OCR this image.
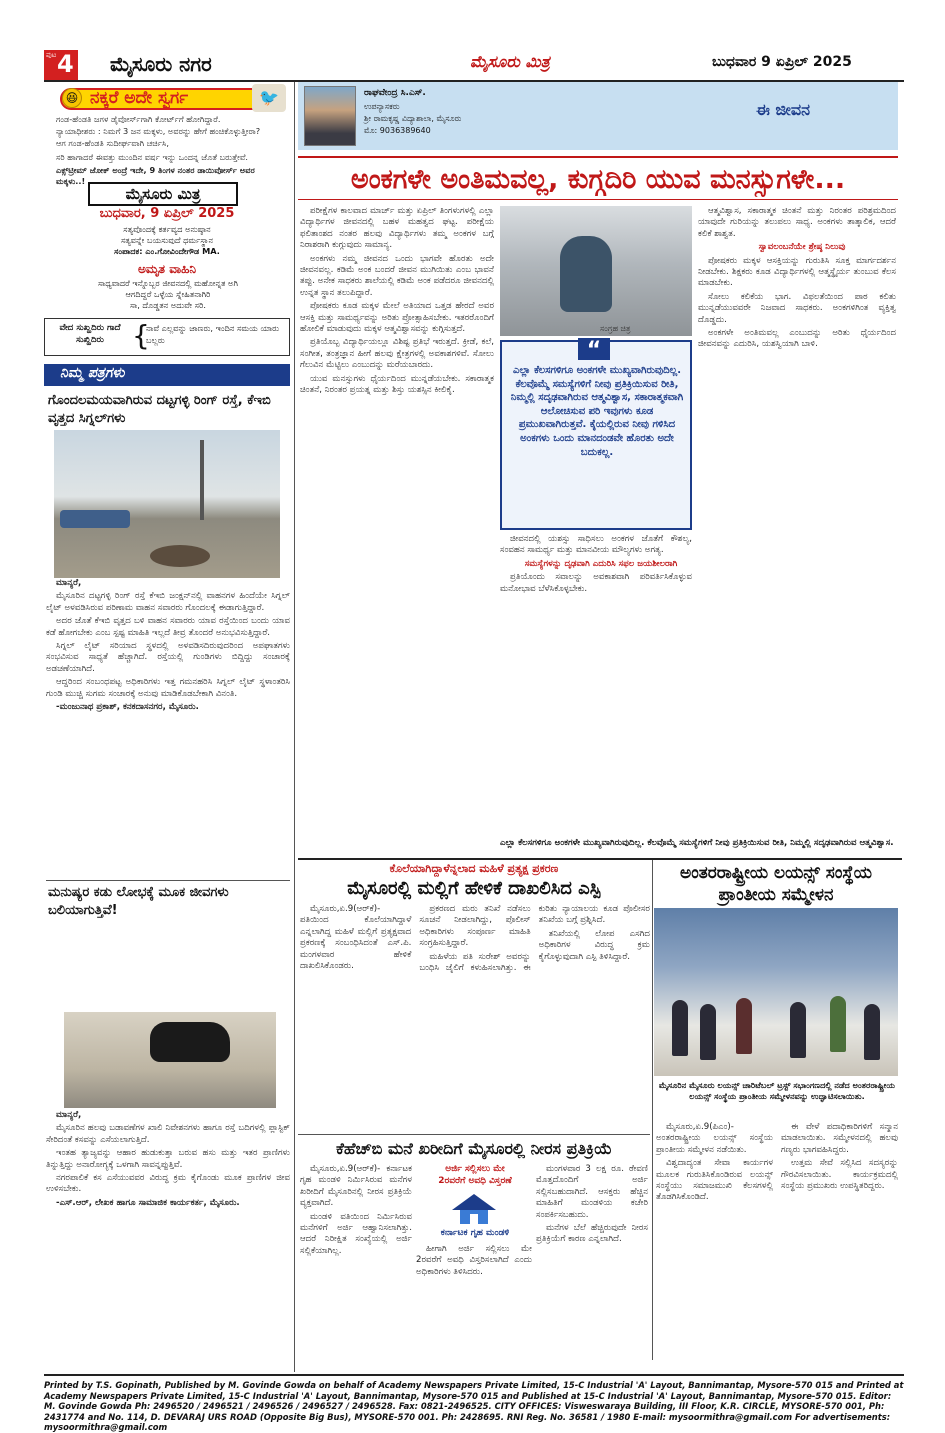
ಪುಟ 4 ಮೈಸೂರು ನಗರ	ಮೈಸೂರು ಮಿತ್ರ	ಬುಧವಾರ 9 ಏಪ್ರಿಲ್ 2025
😆 ನಕ್ಕರೆ ಅದೇ ಸ್ವರ್ಗ	🐦
ಗಂಡ-ಹೆಂಡತಿ ಜಗಳ ಡೈವೋರ್ಸ್‌ಗಾಗಿ ಕೋರ್ಟ್‌ಗೆ ಹೋಗಿದ್ದಾರೆ.
ನ್ಯಾಯಾಧೀಶರು : ನಿಮಗೆ 3 ಜನ ಮಕ್ಕಳು, ಅವರನ್ನು ಹೇಗೆ ಹಂಚಿಕೊಳ್ಳುತ್ತೀರಾ?
ಆಗ ಗಂಡ-ಹೆಂಡತಿ ಸುದೀರ್ಘವಾಗಿ ಚರ್ಚಿಸಿ,
ಸರಿ ಹಾಗಾದರೆ ಈವತ್ತು ಮುಂದಿನ ವರ್ಷ ಇನ್ನು ಒಂದನ್ನ ಜೊತೆ ಬರುತ್ತೇವೆ.
ಎಕ್ಸ್‌ಟ್ರೀಮ್ ಜೋಕ್ ಅಂದ್ರೆ ಇದೇ, 9 ತಿಂಗಳ ನಂತರ ಡಾಯಿವೋರ್ಸ್‌ ಅವರ ಮಕ್ಕಳು..!
ಮೈಸೂರು ಮಿತ್ರ
ಬುಧವಾರ, 9 ಏಪ್ರಿಲ್ 2025
ಸತ್ಯವೊಂದಕ್ಕೆ ಕರ್ತವ್ಯದ ಅನುಷ್ಠಾನ
ಸತ್ಯವನ್ನೇ ಬಯಸುವುದೆ ಧರ್ಮಸ್ಥಾನ
ಸಂಪಾದಕ: ಎಂ.ಗೋವಿಂದೇಗೌಡ MA.
ಅಮೃತ ವಾಹಿನಿ
ಸಾಧ್ಯವಾದರೆ ಇನ್ನೊಬ್ಬರ ಜೀವನದಲ್ಲಿ ಮಹೋನ್ನತ ಅಗಿ
ಆಗದಿದ್ದರೆ ಒಳ್ಳೆಯ ಸ್ನೇಹಿತನಾಗಿರಿ
ಸಾ, ದೊಡ್ಡತನ ಅದುವೇ ಸರಿ.
ವೇದ ಸುಖ್ಹದಿರು ಗಾದೆ ಸುಖ್ಹಿದಿರು	{
ನಾವೆ ಎಲ್ಲವನ್ನು ಜಾಣರು, ಇಂದಿನ ಸಮಯ ಯಾರು ಬಲ್ಲರು
ನಿಮ್ಮ ಪತ್ರಗಳು
ಗೊಂದಲಮಯವಾಗಿರುವ ದಟ್ಟಗಳ್ಳಿ ರಿಂಗ್ ರಸ್ತೆ, ಕೆಇಬಿ ವೃತ್ತದ ಸಿಗ್ನಲ್‌ಗಳು

ಮಾನ್ಯರೆ,

ಮೈಸೂರಿನ ದಟ್ಟಗಳ್ಳಿ ರಿಂಗ್ ರಸ್ತೆ ಕೆಇಬಿ ಜಂಕ್ಷನ್‌ನಲ್ಲಿ ವಾಹನಗಳ ಹಿಂದೆಯೇ ಸಿಗ್ನಲ್ ಲೈಟ್ ಅಳವಡಿಸಿರುವ ಪರಿಣಾಮ ವಾಹನ ಸವಾರರು ಗೊಂದಲಕ್ಕೆ ಈಡಾಗುತ್ತಿದ್ದಾರೆ.

ಅದರ ಜೊತೆ ಕೆಇಬಿ ವೃತ್ತದ ಬಳಿ ವಾಹನ ಸವಾರರು ಯಾವ ರಸ್ತೆಯಿಂದ ಬಂದು ಯಾವ ಕಡೆ ಹೋಗಬೇಕು ಎಂಬ ಸ್ಪಷ್ಟ ಮಾಹಿತಿ ಇಲ್ಲದೆ ತೀವ್ರ ತೊಂದರೆ ಅನುಭವಿಸುತ್ತಿದ್ದಾರೆ.

ಸಿಗ್ನಲ್ ಲೈಟ್ ಸರಿಯಾದ ಸ್ಥಳದಲ್ಲಿ ಅಳವಡಿಸದಿರುವುದರಿಂದ ಅಪಘಾತಗಳು ಸಂಭವಿಸುವ ಸಾಧ್ಯತೆ ಹೆಚ್ಚಾಗಿದೆ. ರಸ್ತೆಯಲ್ಲಿ ಗುಂಡಿಗಳು ಬಿದ್ದಿದ್ದು ಸಂಚಾರಕ್ಕೆ ಅಡಚಣೆಯಾಗಿದೆ.

ಆದ್ದರಿಂದ ಸಂಬಂಧಪಟ್ಟ ಅಧಿಕಾರಿಗಳು ಇತ್ತ ಗಮನಹರಿಸಿ ಸಿಗ್ನಲ್ ಲೈಟ್ ಸ್ಥಳಾಂತರಿಸಿ ಗುಂಡಿ ಮುಚ್ಚಿ ಸುಗಮ ಸಂಚಾರಕ್ಕೆ ಅನುವು ಮಾಡಿಕೊಡಬೇಕಾಗಿ ವಿನಂತಿ.

-ಮಂಜುನಾಥ ಪ್ರಕಾಶ್, ಕನಕದಾಸನಗರ, ಮೈಸೂರು.

ಮನುಷ್ಯರ ಕಡು ಲೋಭಕ್ಕೆ ಮೂಕ ಜೀವಗಳು ಬಲಿಯಾಗುತ್ತಿವೆ!

ಮಾನ್ಯರೆ,

ಮೈಸೂರಿನ ಹಲವು ಬಡಾವಣೆಗಳ ಖಾಲಿ ನಿವೇಶನಗಳು ಹಾಗೂ ರಸ್ತೆ ಬದಿಗಳಲ್ಲಿ ಪ್ಲಾಸ್ಟಿಕ್ ಸೇರಿದಂತೆ ಕಸವನ್ನು ಎಸೆಯಲಾಗುತ್ತಿದೆ.

ಇಂತಹ ತ್ಯಾಜ್ಯವನ್ನು ಆಹಾರ ಹುಡುಕುತ್ತಾ ಬರುವ ಹಸು ಮತ್ತು ಇತರ ಪ್ರಾಣಿಗಳು ತಿನ್ನುತ್ತಿದ್ದು ಅನಾರೋಗ್ಯಕ್ಕೆ ಒಳಗಾಗಿ ಸಾವನ್ನಪ್ಪುತ್ತಿವೆ.

ನಗರಪಾಲಿಕೆ ಕಸ ಎಸೆಯುವವರ ವಿರುದ್ಧ ಕ್ರಮ ಕೈಗೊಂಡು ಮೂಕ ಪ್ರಾಣಿಗಳ ಜೀವ ಉಳಿಸಬೇಕು.

-ಎಸ್.ಆರ್, ಲೇಖಕ ಹಾಗೂ ಸಾಮಾಜಿಕ ಕಾರ್ಯಕರ್ತ, ಮೈಸೂರು.

ರಾಘವೇಂದ್ರ ಸಿ.ಎಸ್.
ಉಪನ್ಯಾಸಕರು
ಶ್ರೀ ರಾಮಕೃಷ್ಣ ವಿದ್ಯಾಶಾಲಾ, ಮೈಸೂರು
ಮೊ: 9036389640
ಈ ಜೀವನ
ಅಂಕಗಳೇ ಅಂತಿಮವಲ್ಲ, ಕುಗ್ಗದಿರಿ ಯುವ ಮನಸ್ಸುಗಳೇ...

ಪರೀಕ್ಷೆಗಳ ಕಾಲವಾದ ಮಾರ್ಚ್ ಮತ್ತು ಏಪ್ರಿಲ್ ತಿಂಗಳುಗಳಲ್ಲಿ ಎಲ್ಲಾ ವಿದ್ಯಾರ್ಥಿಗಳ ಜೀವನದಲ್ಲಿ ಬಹಳ ಮಹತ್ವದ ಘಟ್ಟ. ಪರೀಕ್ಷೆಯ ಫಲಿತಾಂಶದ ನಂತರ ಹಲವು ವಿದ್ಯಾರ್ಥಿಗಳು ತಮ್ಮ ಅಂಕಗಳ ಬಗ್ಗೆ ನಿರಾಶರಾಗಿ ಕುಗ್ಗುವುದು ಸಾಮಾನ್ಯ.

ಅಂಕಗಳು ನಮ್ಮ ಜೀವನದ ಒಂದು ಭಾಗವೇ ಹೊರತು ಅದೇ ಜೀವನವಲ್ಲ. ಕಡಿಮೆ ಅಂಕ ಬಂದರೆ ಜೀವನ ಮುಗಿಯಿತು ಎಂಬ ಭಾವನೆ ತಪ್ಪು. ಅನೇಕ ಸಾಧಕರು ಶಾಲೆಯಲ್ಲಿ ಕಡಿಮೆ ಅಂಕ ಪಡೆದರೂ ಜೀವನದಲ್ಲಿ ಉನ್ನತ ಸ್ಥಾನ ತಲುಪಿದ್ದಾರೆ.

ಪೋಷಕರು ಕೂಡ ಮಕ್ಕಳ ಮೇಲೆ ಅತಿಯಾದ ಒತ್ತಡ ಹೇರದೆ ಅವರ ಆಸಕ್ತಿ ಮತ್ತು ಸಾಮರ್ಥ್ಯವನ್ನು ಅರಿತು ಪ್ರೋತ್ಸಾಹಿಸಬೇಕು. ಇತರರೊಂದಿಗೆ ಹೋಲಿಕೆ ಮಾಡುವುದು ಮಕ್ಕಳ ಆತ್ಮವಿಶ್ವಾಸವನ್ನು ಕುಗ್ಗಿಸುತ್ತದೆ.

ಪ್ರತಿಯೊಬ್ಬ ವಿದ್ಯಾರ್ಥಿಯಲ್ಲೂ ವಿಶಿಷ್ಟ ಪ್ರತಿಭೆ ಇರುತ್ತದೆ. ಕ್ರೀಡೆ, ಕಲೆ, ಸಂಗೀತ, ತಂತ್ರಜ್ಞಾನ ಹೀಗೆ ಹಲವು ಕ್ಷೇತ್ರಗಳಲ್ಲಿ ಅವಕಾಶಗಳಿವೆ. ಸೋಲು ಗೆಲುವಿನ ಮೆಟ್ಟಿಲು ಎಂಬುದನ್ನು ಮರೆಯಬಾರದು.

ಯುವ ಮನಸ್ಸುಗಳು ಧೈರ್ಯದಿಂದ ಮುನ್ನಡೆಯಬೇಕು. ಸಕಾರಾತ್ಮಕ ಚಿಂತನೆ, ನಿರಂತರ ಪ್ರಯತ್ನ ಮತ್ತು ಶಿಸ್ತು ಯಶಸ್ಸಿನ ಕೀಲಿಕೈ.

ಸಂಗ್ರಹ ಚಿತ್ರ
“
ಎಲ್ಲಾ ಕೆಲಸಗಳಿಗೂ ಅಂಕಗಳೇ ಮುಖ್ಯವಾಗಿರುವುದಿಲ್ಲ. ಕೆಲವೊಮ್ಮೆ ಸಮಸ್ಯೆಗಳಿಗೆ ನೀವು ಪ್ರತಿಕ್ರಿಯಿಸುವ ರೀತಿ, ನಿಮ್ಮಲ್ಲಿ ಸದೃಢವಾಗಿರುವ ಆತ್ಮವಿಶ್ವಾಸ, ಸಕಾರಾತ್ಮಕವಾಗಿ ಆಲೋಚಿಸುವ ಪರಿ ಇವುಗಳು ಕೂಡ ಪ್ರಮುಖವಾಗಿರುತ್ತವೆ. ಕೈಯಲ್ಲಿರುವ ನೀವು ಗಳಿಸಿದ ಅಂಕಗಳು ಒಂದು ಮಾನದಂಡವೇ ಹೊರತು ಅದೇ ಬದುಕಲ್ಲ.

ಜೀವನದಲ್ಲಿ ಯಶಸ್ಸು ಸಾಧಿಸಲು ಅಂಕಗಳ ಜೊತೆಗೆ ಕೌಶಲ್ಯ, ಸಂವಹನ ಸಾಮರ್ಥ್ಯ ಮತ್ತು ಮಾನವೀಯ ಮೌಲ್ಯಗಳು ಅಗತ್ಯ.

ಸಮಸ್ಯೆಗಳನ್ನು ದೃಢವಾಗಿ ಎದುರಿಸಿ ಸಫಲ ಜಯಶೀಲರಾಗಿ

ಪ್ರತಿಯೊಂದು ಸವಾಲನ್ನು ಅವಕಾಶವಾಗಿ ಪರಿವರ್ತಿಸಿಕೊಳ್ಳುವ ಮನೋಭಾವ ಬೆಳೆಸಿಕೊಳ್ಳಬೇಕು.

ಆತ್ಮವಿಶ್ವಾಸ, ಸಕಾರಾತ್ಮಕ ಚಿಂತನೆ ಮತ್ತು ನಿರಂತರ ಪರಿಶ್ರಮದಿಂದ ಯಾವುದೇ ಗುರಿಯನ್ನು ತಲುಪಲು ಸಾಧ್ಯ. ಅಂಕಗಳು ತಾತ್ಕಾಲಿಕ, ಆದರೆ ಕಲಿಕೆ ಶಾಶ್ವತ.

ಸ್ವಾವಲಂಬನೆಯೇ ಶ್ರೇಷ್ಠ ನಿಲುವು

ಪೋಷಕರು ಮಕ್ಕಳ ಆಸಕ್ತಿಯನ್ನು ಗುರುತಿಸಿ ಸೂಕ್ತ ಮಾರ್ಗದರ್ಶನ ನೀಡಬೇಕು. ಶಿಕ್ಷಕರು ಕೂಡ ವಿದ್ಯಾರ್ಥಿಗಳಲ್ಲಿ ಆತ್ಮಸ್ಥೈರ್ಯ ತುಂಬುವ ಕೆಲಸ ಮಾಡಬೇಕು.

ಸೋಲು ಕಲಿಕೆಯ ಭಾಗ. ವಿಫಲತೆಯಿಂದ ಪಾಠ ಕಲಿತು ಮುನ್ನಡೆಯುವವರೇ ನಿಜವಾದ ಸಾಧಕರು. ಅಂಕಗಳಿಗಿಂತ ವ್ಯಕ್ತಿತ್ವ ದೊಡ್ಡದು.

ಅಂಕಗಳೇ ಅಂತಿಮವಲ್ಲ ಎಂಬುದನ್ನು ಅರಿತು ಧೈರ್ಯದಿಂದ ಜೀವನವನ್ನು ಎದುರಿಸಿ, ಯಶಸ್ವಿಯಾಗಿ ಬಾಳಿ.

ಎಲ್ಲಾ ಕೆಲಸಗಳಿಗೂ ಅಂಕಗಳೇ ಮುಖ್ಯವಾಗಿರುವುದಿಲ್ಲ. ಕೆಲವೊಮ್ಮೆ ಸಮಸ್ಯೆಗಳಿಗೆ ನೀವು ಪ್ರತಿಕ್ರಿಯಿಸುವ ರೀತಿ, ನಿಮ್ಮಲ್ಲಿ ಸದೃಢವಾಗಿರುವ ಆತ್ಮವಿಶ್ವಾಸ.
ಕೊಲೆಯಾಗಿದ್ದಾಳೆನ್ನಲಾದ ಮಹಿಳೆ ಪ್ರತ್ಯಕ್ಷ ಪ್ರಕರಣ
ಮೈಸೂರಲ್ಲಿ ಮಲ್ಲಿಗೆ ಹೇಳಿಕೆ ದಾಖಲಿಸಿದ ಎಸ್ಪಿ

ಮೈಸೂರು,ಏ.9(ಆರ್‌ಕೆ)- ಪತಿಯಿಂದ ಕೊಲೆಯಾಗಿದ್ದಾಳೆ ಎನ್ನಲಾಗಿದ್ದ ಮಹಿಳೆ ಮಲ್ಲಿಗೆ ಪ್ರತ್ಯಕ್ಷವಾದ ಪ್ರಕರಣಕ್ಕೆ ಸಂಬಂಧಿಸಿದಂತೆ ಎಸ್.ಪಿ. ಮಂಗಳವಾರ ಹೇಳಿಕೆ ದಾಖಲಿಸಿಕೊಂಡರು.

ಪ್ರಕರಣದ ಮರು ತನಿಖೆ ನಡೆಸಲು ಸೂಚನೆ ನೀಡಲಾಗಿದ್ದು, ಪೊಲೀಸ್ ಅಧಿಕಾರಿಗಳು ಸಂಪೂರ್ಣ ಮಾಹಿತಿ ಸಂಗ್ರಹಿಸುತ್ತಿದ್ದಾರೆ.

ಮಹಿಳೆಯ ಪತಿ ಸುರೇಶ್ ಅವರನ್ನು ಬಂಧಿಸಿ ಜೈಲಿಗೆ ಕಳುಹಿಸಲಾಗಿತ್ತು. ಈ ಕುರಿತು ನ್ಯಾಯಾಲಯ ಕೂಡ ಪೊಲೀಸರ ತನಿಖೆಯ ಬಗ್ಗೆ ಪ್ರಶ್ನಿಸಿದೆ.

ತನಿಖೆಯಲ್ಲಿ ಲೋಪ ಎಸಗಿದ ಅಧಿಕಾರಿಗಳ ವಿರುದ್ಧ ಕ್ರಮ ಕೈಗೊಳ್ಳುವುದಾಗಿ ಎಸ್ಪಿ ತಿಳಿಸಿದ್ದಾರೆ.

ಅಂತರರಾಷ್ಟ್ರೀಯ ಲಯನ್ಸ್ ಸಂಸ್ಥೆಯ ಪ್ರಾಂತೀಯ ಸಮ್ಮೇಳನ
ಮೈಸೂರಿನ ಮೈಸೂರು ಲಯನ್ಸ್ ಚಾರಿಟೆಬಲ್ ಟ್ರಸ್ಟ್ ಸಭಾಂಗಣದಲ್ಲಿ ನಡೆದ ಅಂತರರಾಷ್ಟ್ರೀಯ ಲಯನ್ಸ್ ಸಂಸ್ಥೆಯ ಪ್ರಾಂತೀಯ ಸಮ್ಮೇಳನವನ್ನು ಉದ್ಘಾಟಿಸಲಾಯಿತು.

ಮೈಸೂರು,ಏ.9(ಪಿಎಂ)- ಅಂತರರಾಷ್ಟ್ರೀಯ ಲಯನ್ಸ್ ಸಂಸ್ಥೆಯ ಪ್ರಾಂತೀಯ ಸಮ್ಮೇಳನ ನಡೆಯಿತು.

ವಿಶ್ವದಾದ್ಯಂತ ಸೇವಾ ಕಾರ್ಯಗಳ ಮೂಲಕ ಗುರುತಿಸಿಕೊಂಡಿರುವ ಲಯನ್ಸ್ ಸಂಸ್ಥೆಯು ಸಮಾಜಮುಖಿ ಕೆಲಸಗಳಲ್ಲಿ ತೊಡಗಿಸಿಕೊಂಡಿದೆ.

ಈ ವೇಳೆ ಪದಾಧಿಕಾರಿಗಳಿಗೆ ಸನ್ಮಾನ ಮಾಡಲಾಯಿತು. ಸಮ್ಮೇಳನದಲ್ಲಿ ಹಲವು ಗಣ್ಯರು ಭಾಗವಹಿಸಿದ್ದರು.

ಉತ್ತಮ ಸೇವೆ ಸಲ್ಲಿಸಿದ ಸದಸ್ಯರನ್ನು ಗೌರವಿಸಲಾಯಿತು. ಕಾರ್ಯಕ್ರಮದಲ್ಲಿ ಸಂಸ್ಥೆಯ ಪ್ರಮುಖರು ಉಪಸ್ಥಿತರಿದ್ದರು.

ಕೆಹೆಚ್‌ಬಿ ಮನೆ ಖರೀದಿಗೆ ಮೈಸೂರಲ್ಲಿ ನೀರಸ ಪ್ರತಿಕ್ರಿಯೆ

ಮೈಸೂರು,ಏ.9(ಆರ್‌ಕೆ)- ಕರ್ನಾಟಕ ಗೃಹ ಮಂಡಳಿ ನಿರ್ಮಿಸಿರುವ ಮನೆಗಳ ಖರೀದಿಗೆ ಮೈಸೂರಿನಲ್ಲಿ ನೀರಸ ಪ್ರತಿಕ್ರಿಯೆ ವ್ಯಕ್ತವಾಗಿದೆ.

ಮಂಡಳಿ ವತಿಯಿಂದ ನಿರ್ಮಿಸಿರುವ ಮನೆಗಳಿಗೆ ಅರ್ಜಿ ಆಹ್ವಾನಿಸಲಾಗಿತ್ತು. ಆದರೆ ನಿರೀಕ್ಷಿತ ಸಂಖ್ಯೆಯಲ್ಲಿ ಅರ್ಜಿ ಸಲ್ಲಿಕೆಯಾಗಿಲ್ಲ.

ಅರ್ಜಿ ಸಲ್ಲಿಸಲು ಮೇ
2ರವರೆಗೆ ಅವಧಿ ವಿಸ್ತರಣೆ
ಕರ್ನಾಟಕ ಗೃಹ ಮಂಡಳಿ

ಹೀಗಾಗಿ ಅರ್ಜಿ ಸಲ್ಲಿಸಲು ಮೇ 2ರವರೆಗೆ ಅವಧಿ ವಿಸ್ತರಿಸಲಾಗಿದೆ ಎಂದು ಅಧಿಕಾರಿಗಳು ತಿಳಿಸಿದರು.

ಮಂಗಳವಾರ 3 ಲಕ್ಷ ರೂ. ಠೇವಣಿ ಮೊತ್ತದೊಂದಿಗೆ ಅರ್ಜಿ ಸಲ್ಲಿಸಬಹುದಾಗಿದೆ. ಆಸಕ್ತರು ಹೆಚ್ಚಿನ ಮಾಹಿತಿಗೆ ಮಂಡಳಿಯ ಕಚೇರಿ ಸಂಪರ್ಕಿಸಬಹುದು.

ಮನೆಗಳ ಬೆಲೆ ಹೆಚ್ಚಿರುವುದೇ ನೀರಸ ಪ್ರತಿಕ್ರಿಯೆಗೆ ಕಾರಣ ಎನ್ನಲಾಗಿದೆ.

Printed by T.S. Gopinath, Published by M. Govinde Gowda on behalf of Academy Newspapers Private Limited, 15-C Industrial 'A' Layout, Bannimantap, Mysore-570 015 and Printed at Academy Newspapers Private Limited, 15-C Industrial 'A' Layout, Bannimantap, Mysore-570 015 and Published at 15-C Industrial 'A' Layout, Bannimantap, Mysore-570 015. Editor: M. Govinde Gowda Ph: 2496520 / 2496521 / 2496526 / 2496527 / 2496528. Fax: 0821-2496525. CITY OFFICES: Visweswaraya Building, III Floor, K.R. CIRCLE, MYSORE-570 001, Ph: 2431774 and No. 114, D. DEVARAJ URS ROAD (Opposite Big Bus), MYSORE-570 001. Ph: 2428695. RNI Reg. No. 36581 / 1980 E-mail: mysoormithra@gmail.com For advertisements: mysoormithra@gmail.com
